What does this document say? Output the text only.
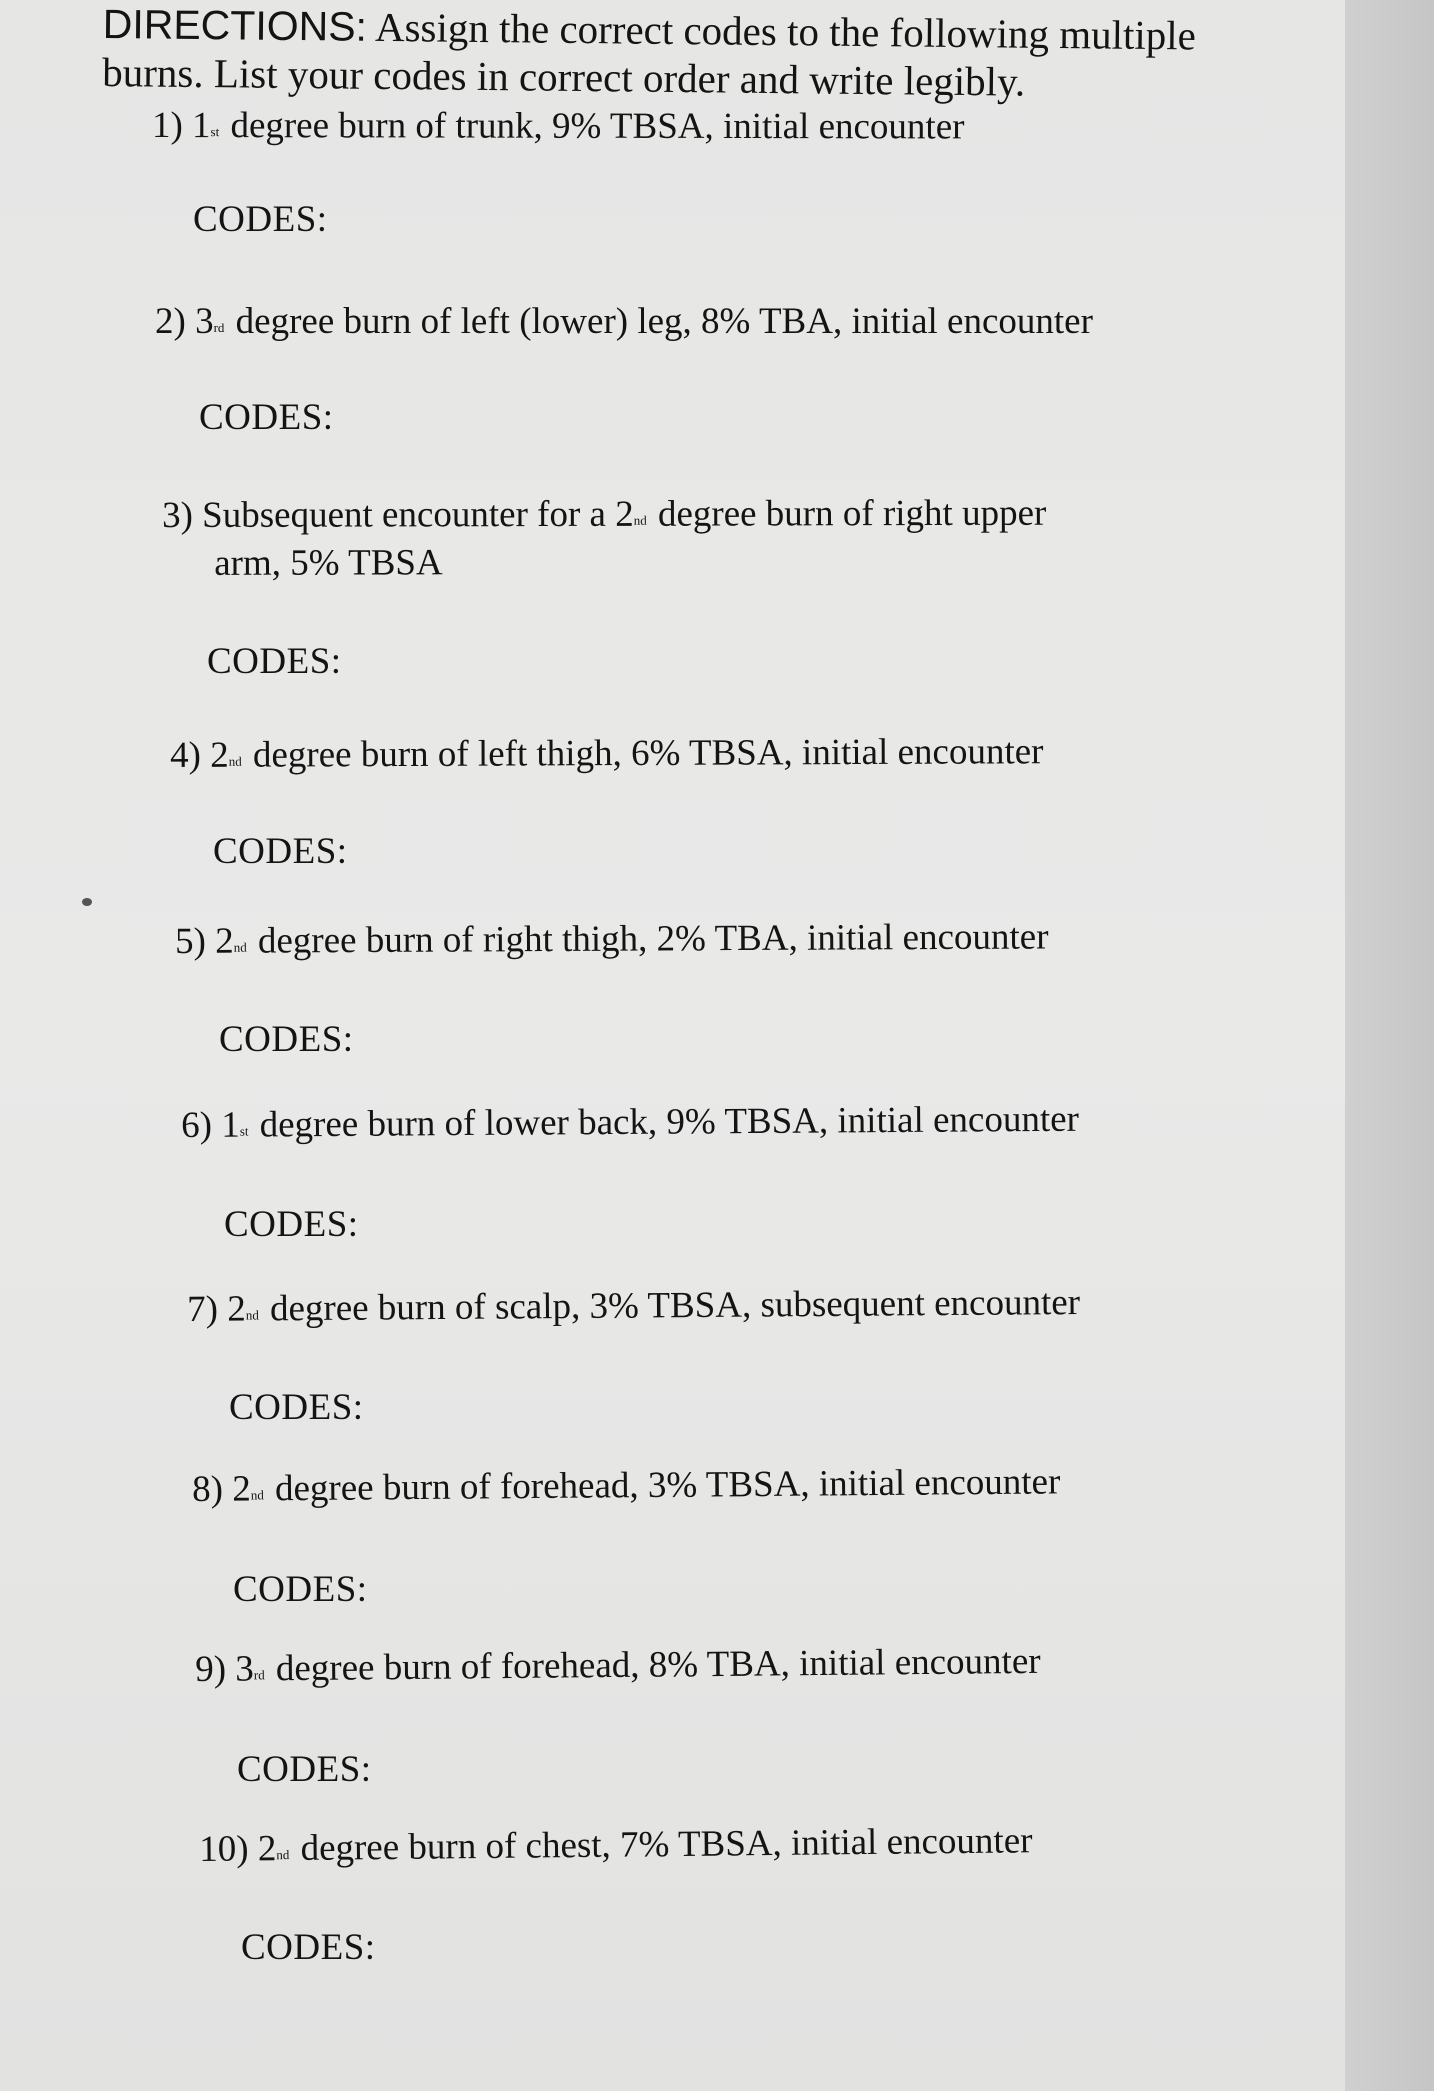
DIRECTIONS: Assign the correct codes to the following multiple burns. List your codes in correct order and write legibly.
1) 1st degree burn of trunk, 9% TBSA, initial encounter
CODES:
2) 3rd degree burn of left (lower) leg, 8% TBA, initial encounter
CODES:
3) Subsequent encounter for a 2nd degree burn of right upper
arm, 5% TBSA
CODES:
4) 2nd degree burn of left thigh, 6% TBSA, initial encounter
CODES:
5) 2nd degree burn of right thigh, 2% TBA, initial encounter
CODES:
6) 1st degree burn of lower back, 9% TBSA, initial encounter
CODES:
7) 2nd degree burn of scalp, 3% TBSA, subsequent encounter
CODES:
8) 2nd degree burn of forehead, 3% TBSA, initial encounter
CODES:
9) 3rd degree burn of forehead, 8% TBA, initial encounter
CODES:
10) 2nd degree burn of chest, 7% TBSA, initial encounter
CODES:
